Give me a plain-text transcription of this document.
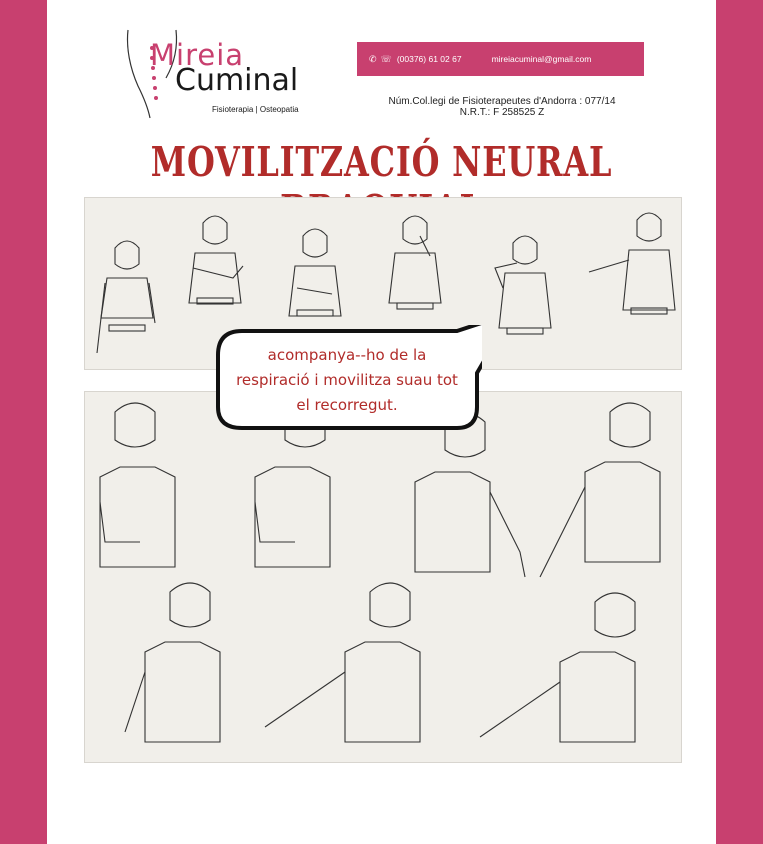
Mireia
Cuminal
Fisioterapia | Osteopatia
✆ ☏ (00376) 61 02 67	mireiacuminal@gmail.com
Núm.Col.legi de Fisioterapeutes d'Andorra : 077/14
N.R.T.: F 258525 Z
MOVILITZACIÓ NEURAL
acompanya--ho de la respiració i movilitza suau tot el recorregut.
